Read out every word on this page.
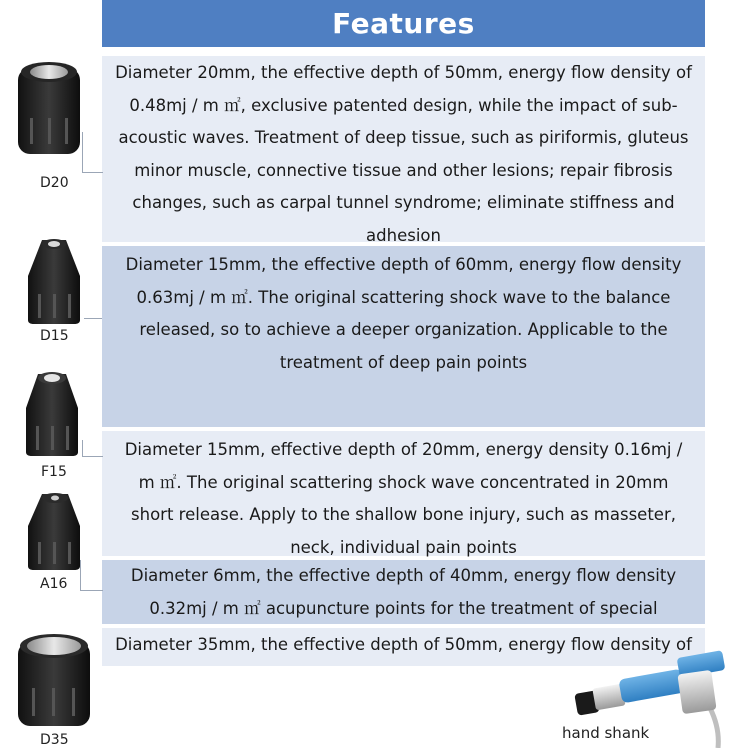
Features
Diameter 20mm, the effective depth of 50mm, energy flow density of 0.48mj / m ㎡, exclusive patented design, while the impact of sub-acoustic waves. Treatment of deep tissue, such as piriformis, gluteus minor muscle, connective tissue and other lesions; repair fibrosis changes, such as carpal tunnel syndrome; eliminate stiffness and adhesion
Diameter 15mm, the effective depth of 60mm, energy flow density 0.63mj / m ㎡. The original scattering shock wave to the balance released, so to achieve a deeper organization. Applicable to the treatment of deep pain points
Diameter 15mm, effective depth of 20mm, energy density 0.16mj / m ㎡. The original scattering shock wave concentrated in 20mm short release. Apply to the shallow bone injury, such as masseter, neck, individual pain points
Diameter 6mm, the effective depth of 40mm, energy flow density 0.32mj / m ㎡ acupuncture points for the treatment of special
Diameter 35mm, the effective depth of 50mm, energy flow density of
D20
D15
F15
A16
D35	hand shank
